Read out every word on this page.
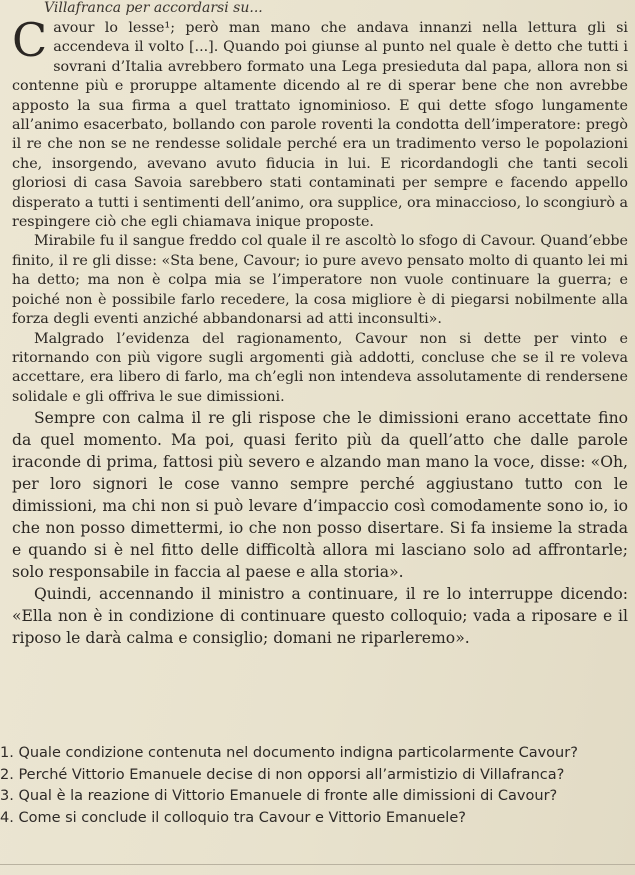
Villafranca per accordarsi su...

Cavour lo lesse¹; però man mano che andava innanzi nella lettura gli si accendeva il volto [...]. Quando poi giunse al punto nel quale è detto che tutti i sovrani d’Italia avrebbero formato una Lega presieduta dal papa, allora non si contenne più e proruppe altamente dicendo al re di sperar bene che non avrebbe apposto la sua firma a quel trattato ignominioso. E qui dette sfogo lungamente all’animo esacerbato, bollando con parole roventi la condotta dell’imperatore: pregò il re che non se ne rendesse solidale perché era un tradimento verso le popolazioni che, insorgendo, avevano avuto fiducia in lui. E ricordandogli che tanti secoli gloriosi di casa Savoia sarebbero stati contaminati per sempre e facendo appello disperato a tutti i sentimenti dell’animo, ora supplice, ora minaccioso, lo scongiurò a respingere ciò che egli chiamava inique proposte.

Mirabile fu il sangue freddo col quale il re ascoltò lo sfogo di Cavour. Quand’ebbe finito, il re gli disse: «Sta bene, Cavour; io pure avevo pensato molto di quanto lei mi ha detto; ma non è colpa mia se l’imperatore non vuole continuare la guerra; e poiché non è possibile farlo recedere, la cosa migliore è di piegarsi nobilmente alla forza degli eventi anziché abbandonarsi ad atti inconsulti».

Malgrado l’evidenza del ragionamento, Cavour non si dette per vinto e ritornando con più vigore sugli argomenti già addotti, concluse che se il re voleva accettare, era libero di farlo, ma ch’egli non intendeva assolutamente di rendersene solidale e gli offriva le sue dimissioni.

Sempre con calma il re gli rispose che le dimissioni erano accettate fino da quel momento. Ma poi, quasi ferito più da quell’atto che dalle parole iraconde di prima, fattosi più severo e alzando man mano la voce, disse: «Oh, per loro signori le cose vanno sempre perché aggiustano tutto con le dimissioni, ma chi non si può levare d’impaccio così comodamente sono io, io che non posso dimettermi, io che non posso disertare. Si fa insieme la strada e quando si è nel fitto delle difficoltà allora mi lasciano solo ad affrontarle; solo responsabile in faccia al paese e alla storia».

Quindi, accennando il ministro a continuare, il re lo interruppe dicendo: «Ella non è in condizione di continuare questo colloquio; vada a riposare e il riposo le darà calma e consiglio; domani ne riparleremo».

1. Quale condizione contenuta nel documento indigna particolarmente Cavour?
2. Perché Vittorio Emanuele decise di non opporsi all’armistizio di Villafranca?
3. Qual è la reazione di Vittorio Emanuele di fronte alle dimissioni di Cavour?
4. Come si conclude il colloquio tra Cavour e Vittorio Emanuele?
